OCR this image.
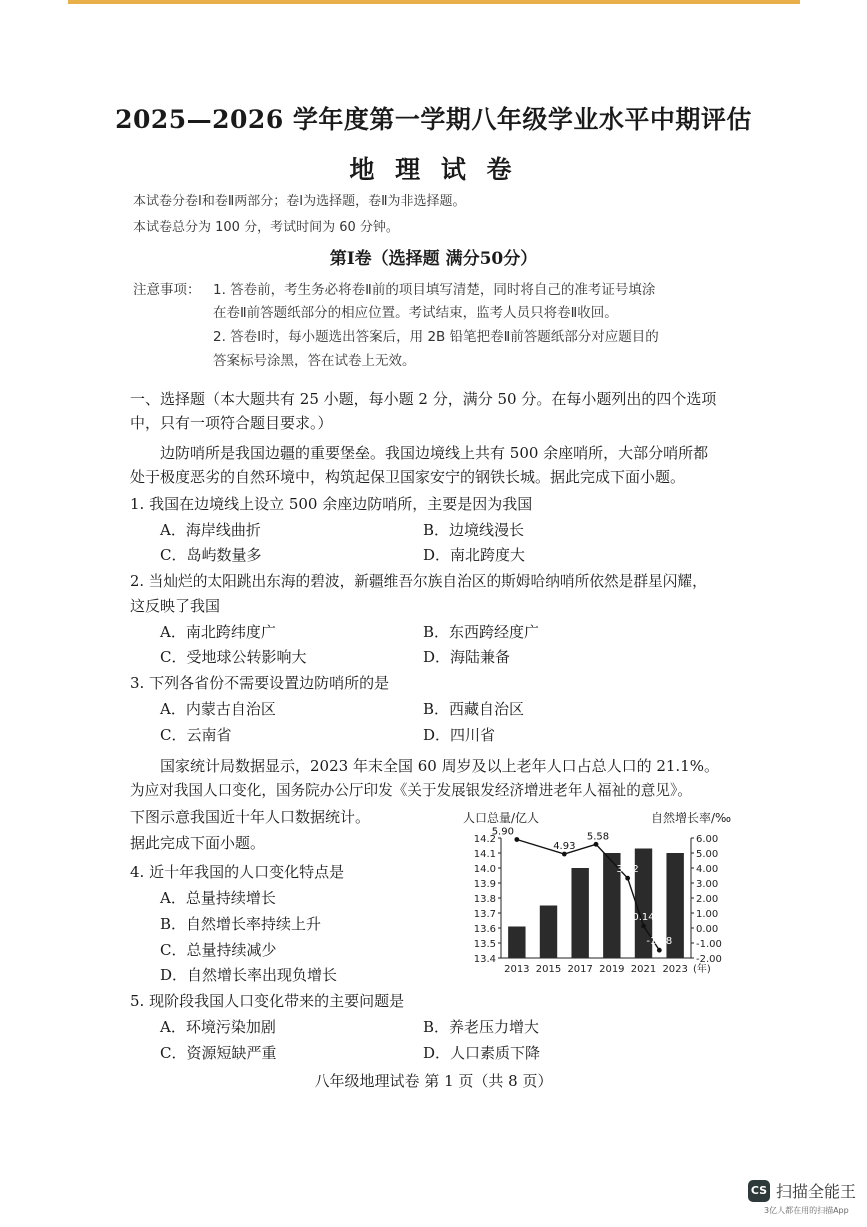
2025—2026 学年度第一学期八年级学业水平中期评估
地 理 试 卷
本试卷分卷Ⅰ和卷Ⅱ两部分；卷Ⅰ为选择题，卷Ⅱ为非选择题。
本试卷总分为 100 分，考试时间为 60 分钟。
第Ⅰ卷（选择题 满分50分）
注意事项： 1. 答卷前，考生务必将卷Ⅱ前的项目填写清楚，同时将自己的准考证号填涂
在卷Ⅱ前答题纸部分的相应位置。考试结束，监考人员只将卷Ⅱ收回。
2. 答卷Ⅰ时，每小题选出答案后，用 2B 铅笔把卷Ⅱ前答题纸部分对应题目的
答案标号涂黑，答在试卷上无效。
一、选择题（本大题共有 25 小题，每小题 2 分，满分 50 分。在每小题列出的四个选项
中，只有一项符合题目要求。）
边防哨所是我国边疆的重要堡垒。我国边境线上共有 500 余座哨所，大部分哨所都
处于极度恶劣的自然环境中，构筑起保卫国家安宁的钢铁长城。据此完成下面小题。
1. 我国在边境线上设立 500 余座边防哨所，主要是因为我国
A．海岸线曲折	B．边境线漫长
C．岛屿数量多	D．南北跨度大
2. 当灿烂的太阳跳出东海的碧波，新疆维吾尔族自治区的斯姆哈纳哨所依然是群星闪耀，
这反映了我国
A．南北跨纬度广	B．东西跨经度广
C．受地球公转影响大	D．海陆兼备
3. 下列各省份不需要设置边防哨所的是
A．内蒙古自治区	B．西藏自治区
C．云南省	D．四川省
国家统计局数据显示，2023 年末全国 60 周岁及以上老年人口占总人口的 21.1%。
为应对我国人口变化，国务院办公厅印发《关于发展银发经济增进老年人福祉的意见》。
下图示意我国近十年人口数据统计。
据此完成下面小题。
4. 近十年我国的人口变化特点是
A．总量持续增长
B．自然增长率持续上升
C．总量持续减少
D．自然增长率出现负增长
5. 现阶段我国人口变化带来的主要问题是
A．环境污染加剧	B．养老压力增大
C．资源短缺严重	D．人口素质下降
八年级地理试卷 第 1 页（共 8 页）
人口总量/亿人	自然增长率/‰
14.2
14.1
14.0
13.9
13.8
13.7
13.6
13.5
13.4
6.00
5.00
4.00
3.00
2.00
1.00
0.00
-1.00
-2.00
2013 2015 2017 2019 2021 2023 (年)
5.90
4.93
5.58
3.32
0.14
-1.48
CS 扫描全能王
3亿人都在用的扫描App
